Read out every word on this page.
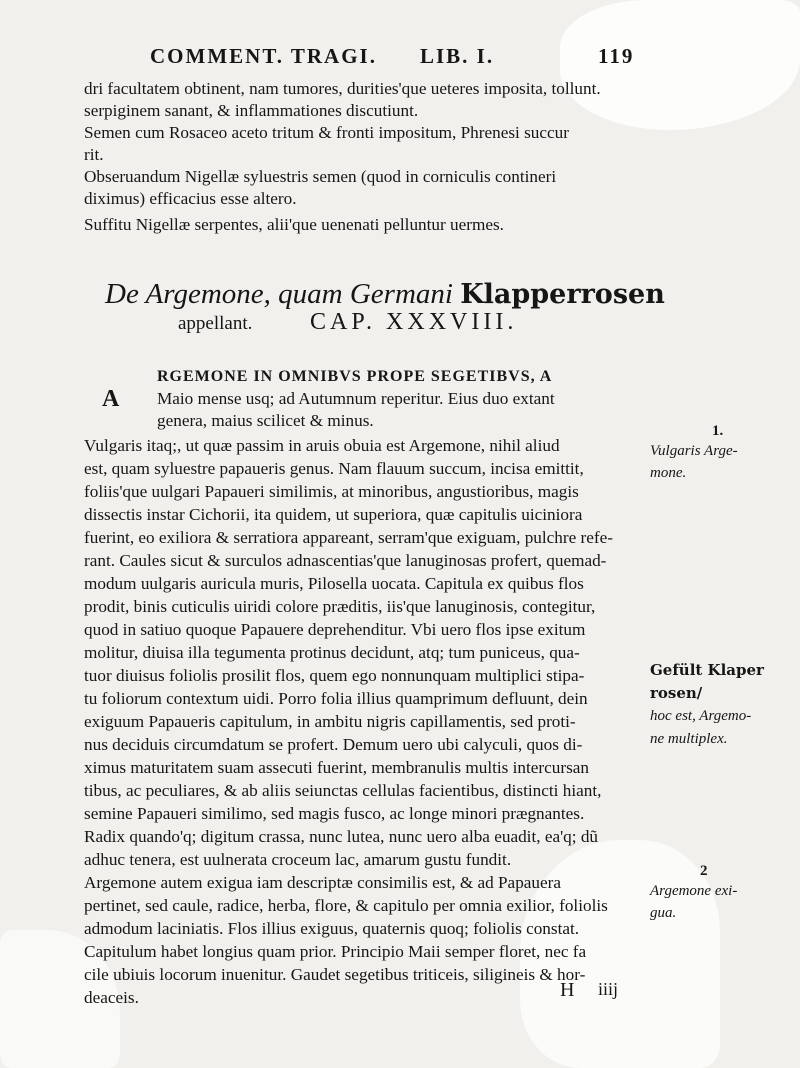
COMMENT. TRAGI. LIB. I.	119
dri facultatem obtinent, nam tumores, durities'que ueteres imposita, tollunt.
serpiginem sanant, & inflammationes discutiunt.
Semen cum Rosaceo aceto tritum & fronti impositum, Phrenesi succur
rit.
Obseruandum Nigellæ syluestris semen (quod in corniculis contineri
diximus) efficacius esse altero.
Suffitu Nigellæ serpentes, alii'que uenenati pelluntur uermes.
De Argemone, quam Germani Klapperrosen
appellant. CAP. XXXVIII.
A
RGEMONE IN OMNIBVS PROPE SEGETIBVS, A
Maio mense usq; ad Autumnum reperitur. Eius duo extant
genera, maius scilicet & minus.
Vulgaris itaq;, ut quæ passim in aruis obuia est Argemone, nihil aliud
est, quam syluestre papaueris genus. Nam flauum succum, incisa emittit,
foliis'que uulgari Papaueri similimis, at minoribus, angustioribus, magis
dissectis instar Cichorii, ita quidem, ut superiora, quæ capitulis uiciniora
fuerint, eo exiliora & serratiora appareant, serram'que exiguam, pulchre refe-
rant. Caules sicut & surculos adnascentias'que lanuginosas profert, quemad-
modum uulgaris auricula muris, Pilosella uocata. Capitula ex quibus flos
prodit, binis cuticulis uiridi colore præditis, iis'que lanuginosis, contegitur,
quod in satiuo quoque Papauere deprehenditur. Vbi uero flos ipse exitum
molitur, diuisa illa tegumenta protinus decidunt, atq; tum puniceus, qua-
tuor diuisus foliolis prosilit flos, quem ego nonnunquam multiplici stipa-
tu foliorum contextum uidi. Porro folia illius quamprimum defluunt, dein
exiguum Papaueris capitulum, in ambitu nigris capillamentis, sed proti-
nus deciduis circumdatum se profert. Demum uero ubi calyculi, quos di-
ximus maturitatem suam assecuti fuerint, membranulis multis intercursan
tibus, ac peculiares, & ab aliis seiunctas cellulas facientibus, distincti hiant,
semine Papaueri similimo, sed magis fusco, ac longe minori prægnantes.
Radix quando'q; digitum crassa, nunc lutea, nunc uero alba euadit, ea'q; dũ
adhuc tenera, est uulnerata croceum lac, amarum gustu fundit.
Argemone autem exigua iam descriptæ consimilis est, & ad Papauera
pertinet, sed caule, radice, herba, flore, & capitulo per omnia exilior, foliolis
admodum laciniatis. Flos illius exiguus, quaternis quoq; foliolis constat.
Capitulum habet longius quam prior. Principio Maii semper floret, nec fa
cile ubiuis locorum inuenitur. Gaudet segetibus triticeis, siligineis & hor-
deaceis.	H iiij
1.
Vulgaris Arge-
mone.
Gefült Klaper
rosen/
hoc est, Argemo-
ne multiplex.
2
Argemone exi-
gua.
